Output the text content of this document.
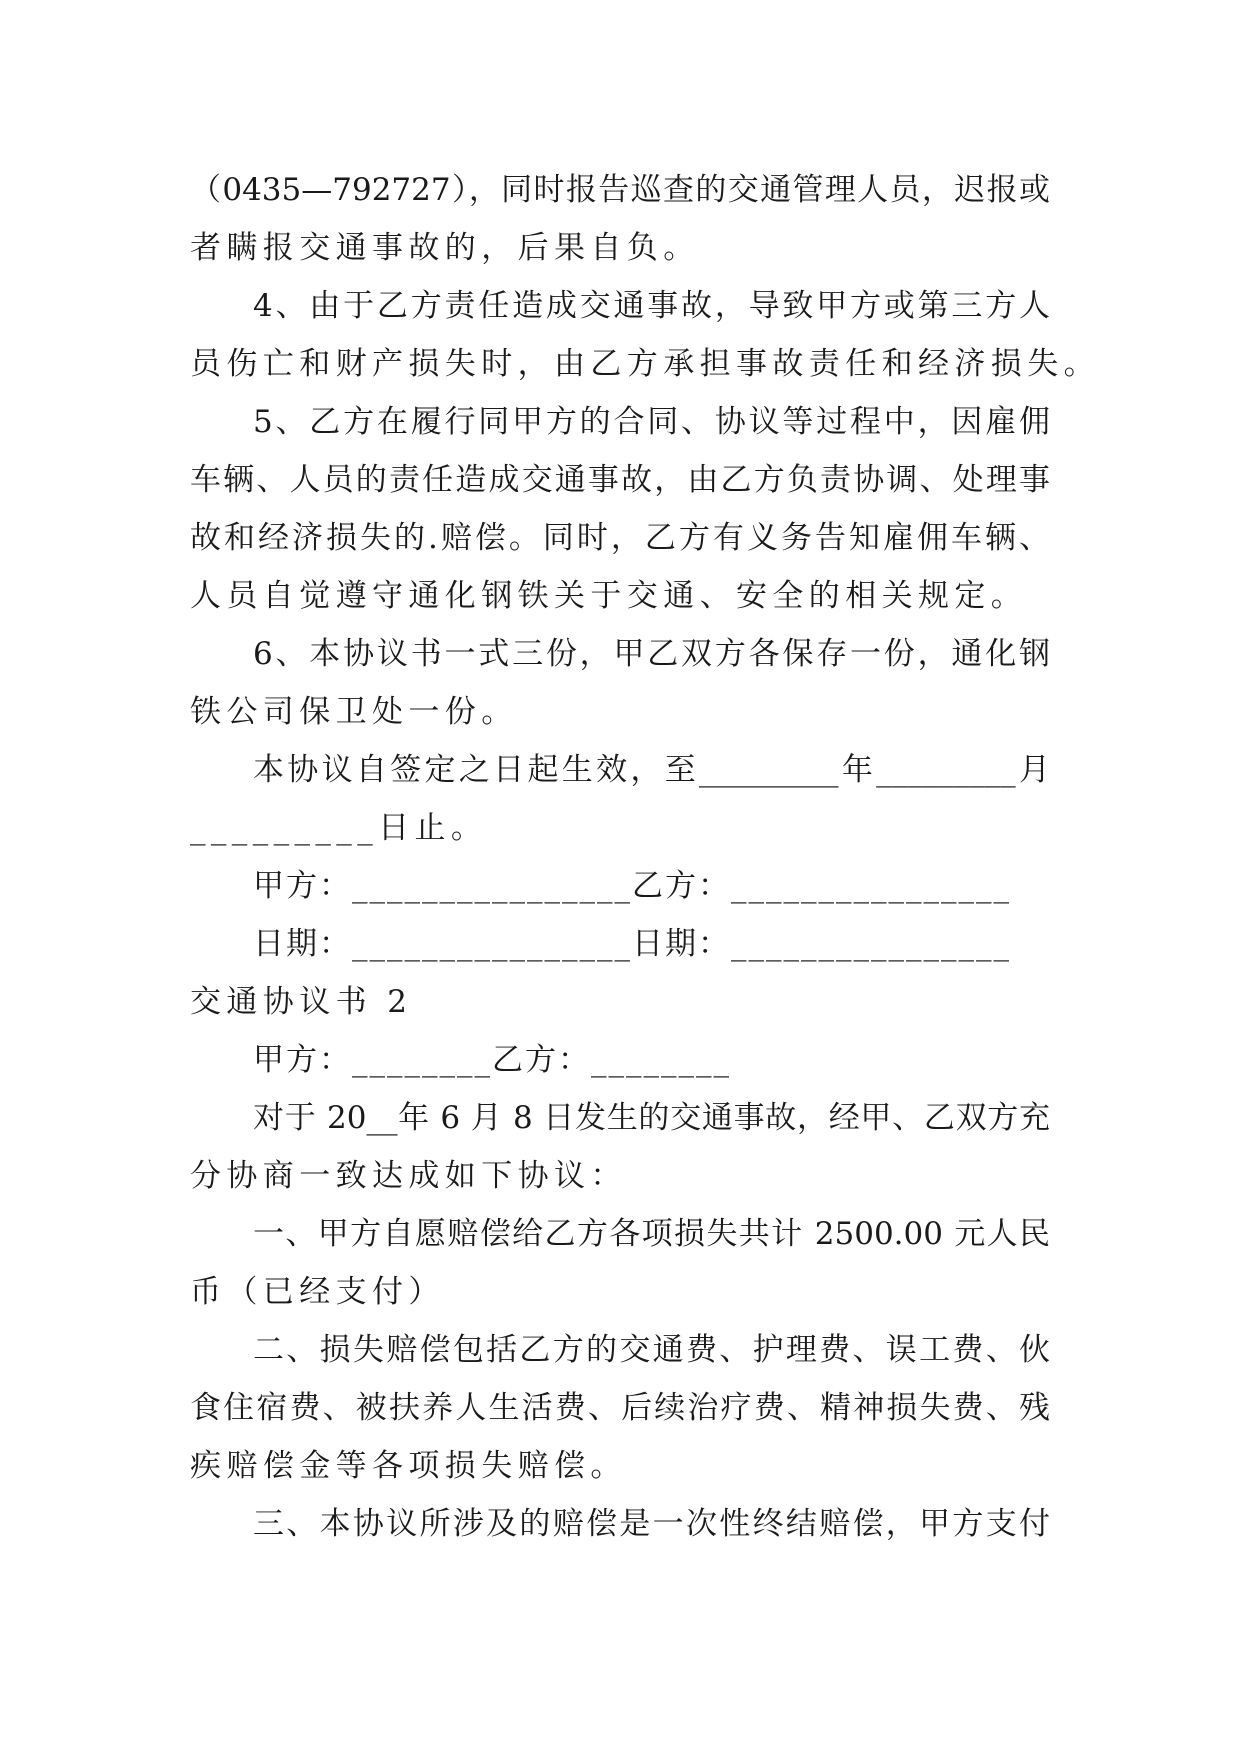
（0435—792727），同时报告巡查的交通管理人员，迟报或
者瞒报交通事故的，后果自负。
4、由于乙方责任造成交通事故，导致甲方或第三方人
员伤亡和财产损失时，由乙方承担事故责任和经济损失。
5、乙方在履行同甲方的合同、协议等过程中，因雇佣
车辆、人员的责任造成交通事故，由乙方负责协调、处理事
故和经济损失的.赔偿。同时，乙方有义务告知雇佣车辆、
人员自觉遵守通化钢铁关于交通、安全的相关规定。
6、本协议书一式三份，甲乙双方各保存一份，通化钢
铁公司保卫处一份。
本协议自签定之日起生效，至_________年_________月
_________日止。
甲方：________________乙方：________________
日期：________________日期：________________
交通协议书 2
甲方：________乙方：________
对于 20__年 6 月 8 日发生的交通事故，经甲、乙双方充
分协商一致达成如下协议：
一、甲方自愿赔偿给乙方各项损失共计 2500.00 元人民
币（已经支付）
二、损失赔偿包括乙方的交通费、护理费、误工费、伙
食住宿费、被扶养人生活费、后续治疗费、精神损失费、残
疾赔偿金等各项损失赔偿。
三、本协议所涉及的赔偿是一次性终结赔偿，甲方支付
